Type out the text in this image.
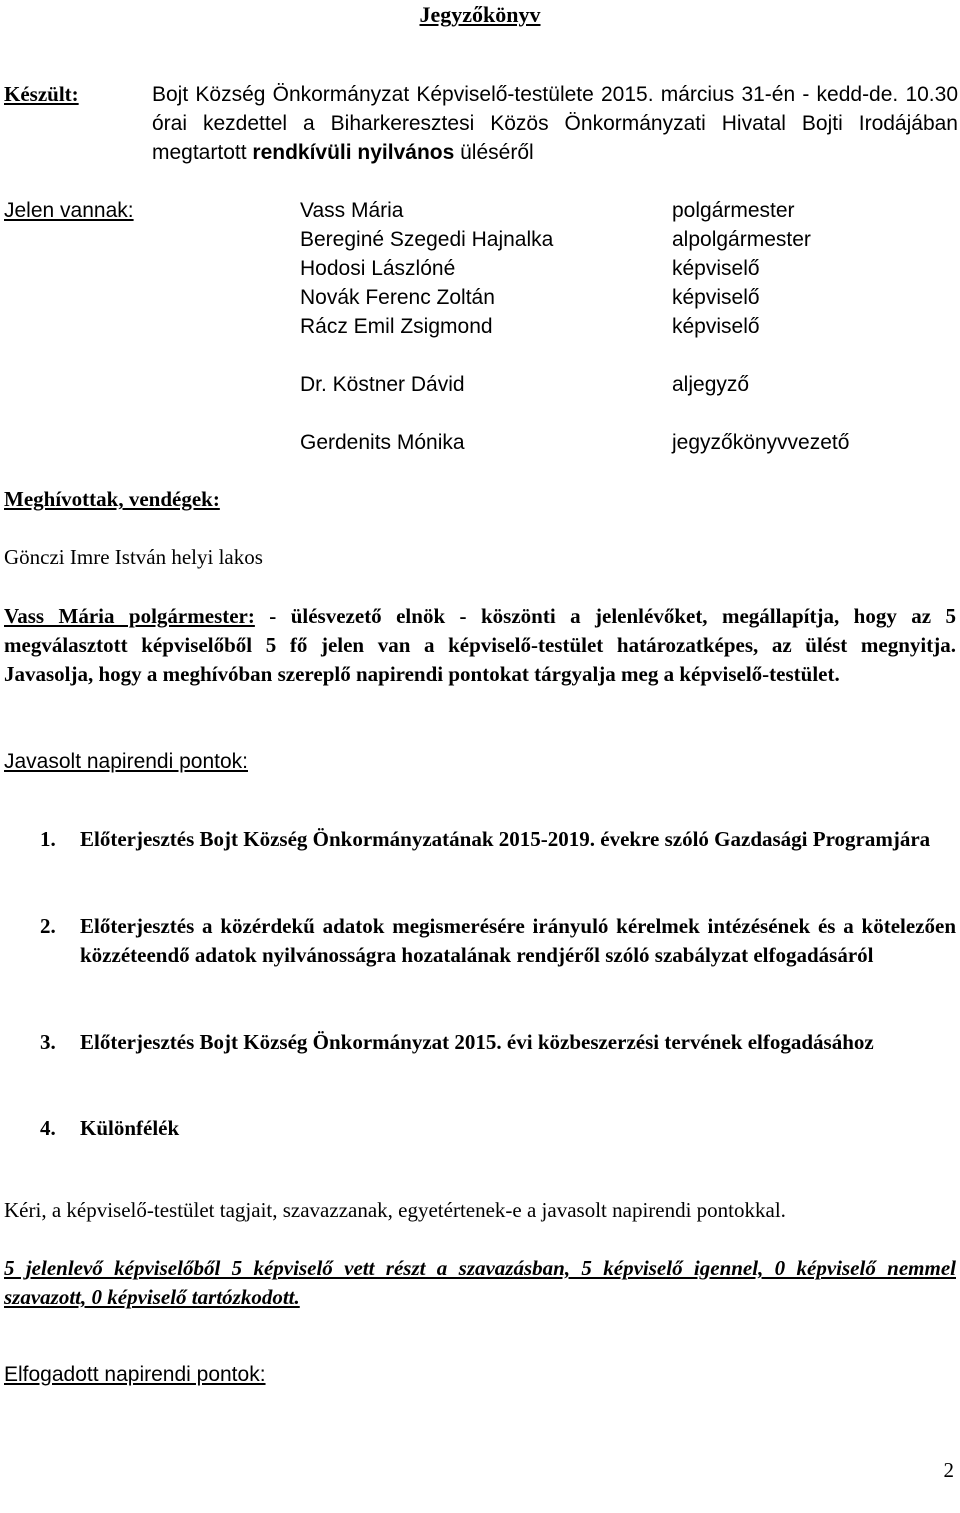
Jegyzőkönyv
Készült:	Bojt Község Önkormányzat Képviselő-testülete 2015. március 31-én - kedd-de. 10.30 órai kezdettel a Biharkeresztesi Közös Önkormányzati Hivatal Bojti Irodájában megtartott rendkívüli nyilvános üléséről
Jelen vannak:	Vass Mária	polgármester
Bereginé Szegedi Hajnalka	alpolgármester
Hodosi Lászlóné	képviselő
Novák Ferenc Zoltán	képviselő
Rácz Emil Zsigmond	képviselő
Dr. Köstner Dávid	aljegyző
Gerdenits Mónika	jegyzőkönyvvezető
Meghívottak, vendégek:
Gönczi Imre István helyi lakos
Vass Mária polgármester: - ülésvezető elnök - köszönti a jelenlévőket, megállapítja, hogy az 5 megválasztott képviselőből 5 fő jelen van a képviselő-testület határozatképes, az ülést megnyitja. Javasolja, hogy a meghívóban szereplő napirendi pontokat tárgyalja meg a képviselő-testület.
Javasolt napirendi pontok:
1. Előterjesztés Bojt Község Önkormányzatának 2015-2019. évekre szóló Gazdasági Programjára
2. Előterjesztés a közérdekű adatok megismerésére irányuló kérelmek intézésének és a kötelezően közzéteendő adatok nyilvánosságra hozatalának rendjéről szóló szabályzat elfogadásáról
3. Előterjesztés Bojt Község Önkormányzat 2015. évi közbeszerzési tervének elfogadásához
4. Különfélék
Kéri, a képviselő-testület tagjait, szavazzanak, egyetértenek-e a javasolt napirendi pontokkal.
5 jelenlevő képviselőből 5 képviselő vett részt a szavazásban, 5 képviselő igennel, 0 képviselő nemmel szavazott, 0 képviselő tartózkodott.
Elfogadott napirendi pontok:
2
